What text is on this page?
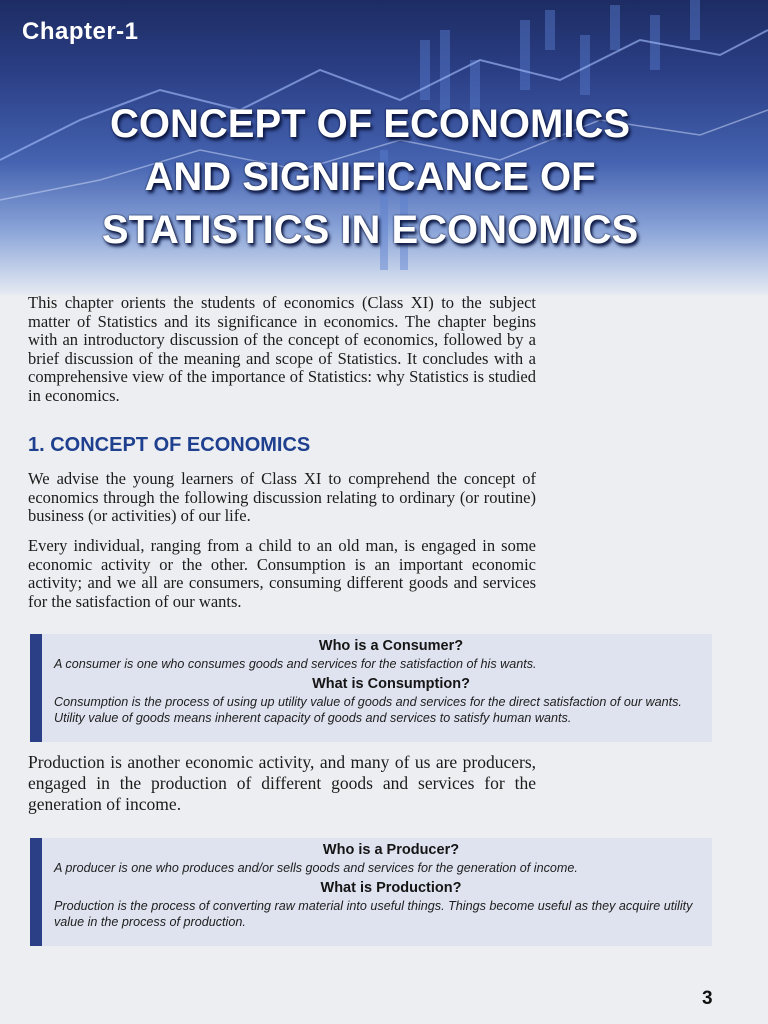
Chapter-1
CONCEPT OF ECONOMICS
AND SIGNIFICANCE OF
STATISTICS IN ECONOMICS

This chapter orients the students of economics (Class XI) to the subject matter of Statistics and its significance in economics. The chapter begins with an introductory discussion of the concept of economics, followed by a brief discussion of the meaning and scope of Statistics. It concludes with a comprehensive view of the importance of Statistics: why Statistics is studied in economics.

1. CONCEPT OF ECONOMICS

We advise the young learners of Class XI to comprehend the concept of economics through the following discussion relating to ordinary (or routine) business (or activities) of our life.

Every individual, ranging from a child to an old man, is engaged in some economic activity or the other. Consumption is an important economic activity; and we all are consumers, consuming different goods and services for the satisfaction of our wants.

Who is a Consumer?

A consumer is one who consumes goods and services for the satisfaction of his wants.

What is Consumption?

Consumption is the process of using up utility value of goods and services for the direct satisfaction of our wants. Utility value of goods means inherent capacity of goods and services to satisfy human wants.

Production is another economic activity, and many of us are producers, engaged in the production of different goods and services for the generation of income.

Who is a Producer?

A producer is one who produces and/or sells goods and services for the generation of income.

What is Production?

Production is the process of converting raw material into useful things. Things become useful as they acquire utility value in the process of production.

3
